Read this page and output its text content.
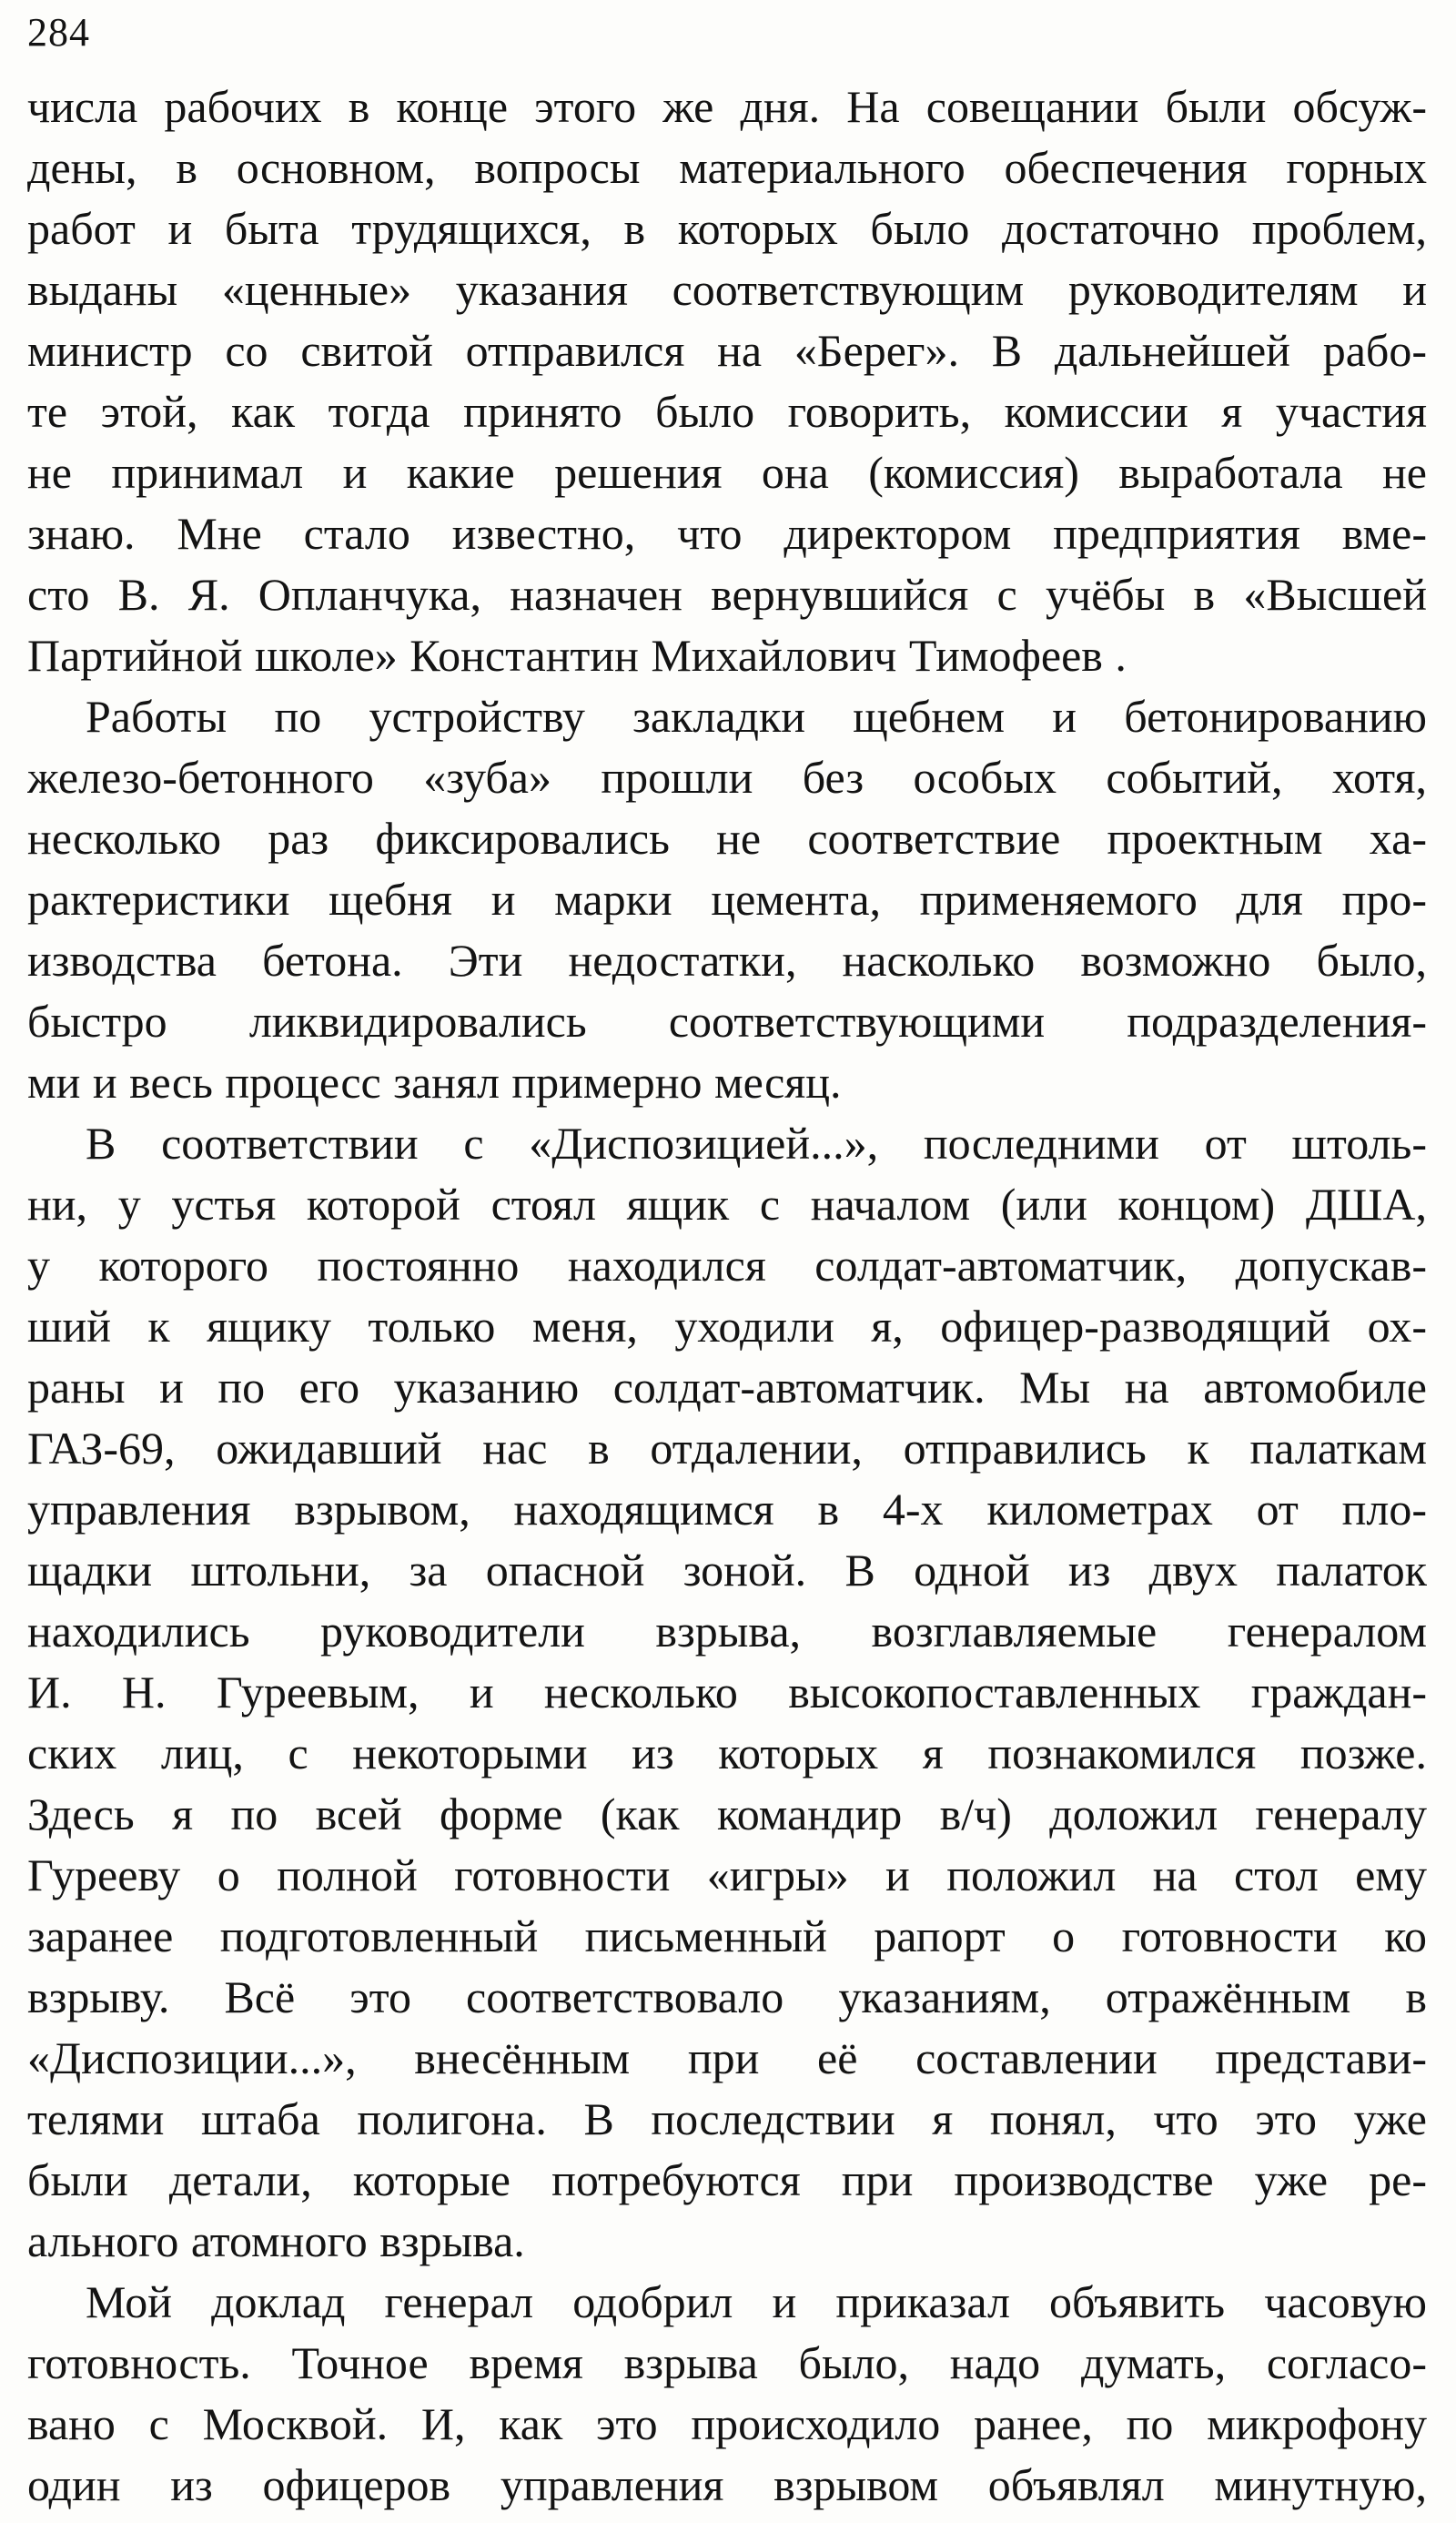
284
числа рабочих в конце этого же дня. На совещании были обсуж-
дены, в основном, вопросы материального обеспечения горных
работ и быта трудящихся, в которых было достаточно проблем,
выданы «ценные» указания соответствующим руководителям и
министр со свитой отправился на «Берег». В дальнейшей рабо-
те этой, как тогда принято было говорить, комиссии я участия
не принимал и какие решения она (комиссия) выработала не
знаю. Мне стало известно, что директором предприятия вме-
сто В. Я. Опланчука, назначен вернувшийся с учёбы в «Высшей
Партийной школе» Константин Михайлович Тимофеев .
Работы по устройству закладки щебнем и бетонированию
железо-бетонного «зуба» прошли без особых событий, хотя,
несколько раз фиксировались не соответствие проектным ха-
рактеристики щебня и марки цемента, применяемого для про-
изводства бетона. Эти недостатки, насколько возможно было,
быстро ликвидировались соответствующими подразделения-
ми и весь процесс занял примерно месяц.
В соответствии с «Диспозицией...», последними от штоль-
ни, у устья которой стоял ящик с началом (или концом) ДША,
у которого постоянно находился солдат-автоматчик, допускав-
ший к ящику только меня, уходили я, офицер-разводящий ох-
раны и по его указанию солдат-автоматчик. Мы на автомобиле
ГАЗ-69, ожидавший нас в отдалении, отправились к палаткам
управления взрывом, находящимся в 4-х километрах от пло-
щадки штольни, за опасной зоной. В одной из двух палаток
находились руководители взрыва, возглавляемые генералом
И. Н. Гуреевым, и несколько высокопоставленных граждан-
ских лиц, с некоторыми из которых я познакомился позже.
Здесь я по всей форме (как командир в/ч) доложил генералу
Гурееву о полной готовности «игры» и положил на стол ему
заранее подготовленный письменный рапорт о готовности ко
взрыву. Всё это соответствовало указаниям, отражённым в
«Диспозиции...», внесённым при её составлении представи-
телями штаба полигона. В последствии я понял, что это уже
были детали, которые потребуются при производстве уже ре-
ального атомного взрыва.
Мой доклад генерал одобрил и приказал объявить часовую
готовность. Точное время взрыва было, надо думать, согласо-
вано с Москвой. И, как это происходило ранее, по микрофону
один из офицеров управления взрывом объявлял минутную,
